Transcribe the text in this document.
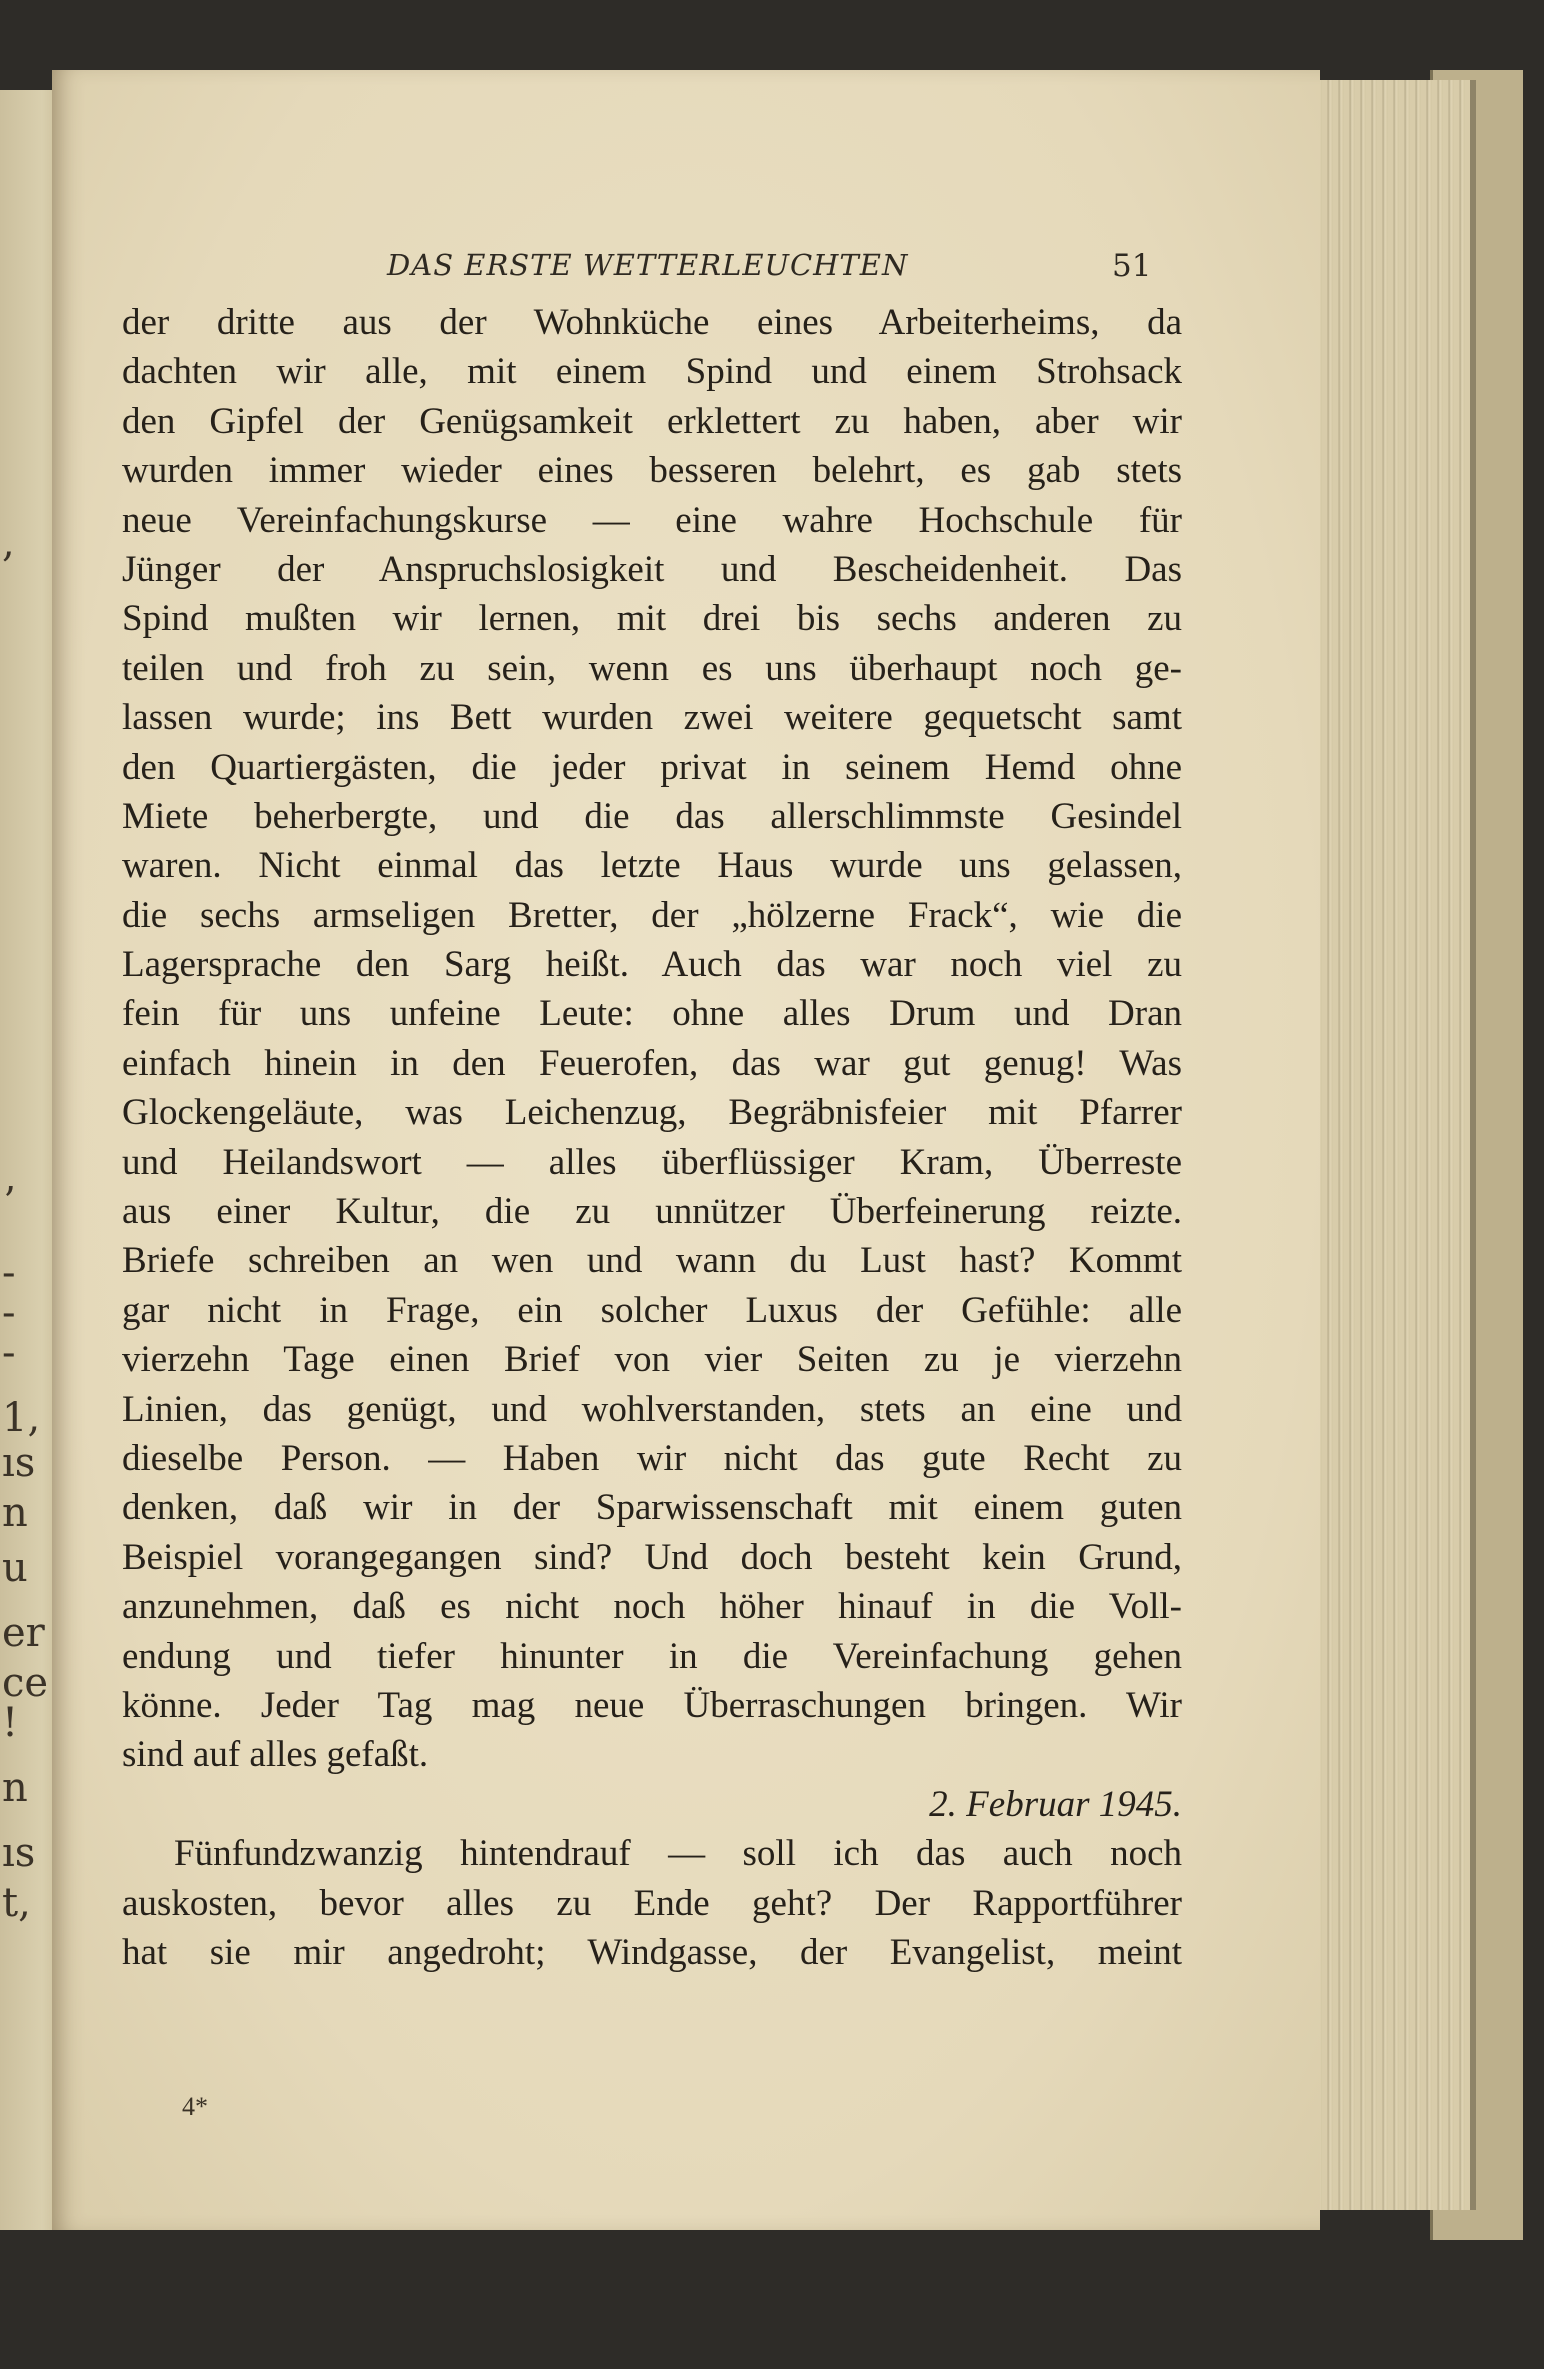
,
ʼ
-
-
-
1,
ıs
n
u
er
ce
!
n
ıs
t,
DAS ERSTE WETTERLEUCHTEN	51
der dritte aus der Wohnküche eines Arbeiterheims, da
dachten wir alle, mit einem Spind und einem Strohsack
den Gipfel der Genügsamkeit erklettert zu haben, aber wir
wurden immer wieder eines besseren belehrt, es gab stets
neue Vereinfachungskurse — eine wahre Hochschule für
Jünger der Anspruchslosigkeit und Bescheidenheit. Das
Spind mußten wir lernen, mit drei bis sechs anderen zu
teilen und froh zu sein, wenn es uns überhaupt noch ge-
lassen wurde; ins Bett wurden zwei weitere gequetscht samt
den Quartiergästen, die jeder privat in seinem Hemd ohne
Miete beherbergte, und die das allerschlimmste Gesindel
waren. Nicht einmal das letzte Haus wurde uns gelassen,
die sechs armseligen Bretter, der „hölzerne Frack“, wie die
Lagersprache den Sarg heißt. Auch das war noch viel zu
fein für uns unfeine Leute: ohne alles Drum und Dran
einfach hinein in den Feuerofen, das war gut genug! Was
Glockengeläute, was Leichenzug, Begräbnisfeier mit Pfarrer
und Heilandswort — alles überflüssiger Kram, Überreste
aus einer Kultur, die zu unnützer Überfeinerung reizte.
Briefe schreiben an wen und wann du Lust hast? Kommt
gar nicht in Frage, ein solcher Luxus der Gefühle: alle
vierzehn Tage einen Brief von vier Seiten zu je vierzehn
Linien, das genügt, und wohlverstanden, stets an eine und
dieselbe Person. — Haben wir nicht das gute Recht zu
denken, daß wir in der Sparwissenschaft mit einem guten
Beispiel vorangegangen sind? Und doch besteht kein Grund,
anzunehmen, daß es nicht noch höher hinauf in die Voll-
endung und tiefer hinunter in die Vereinfachung gehen
könne. Jeder Tag mag neue Überraschungen bringen. Wir
sind auf alles gefaßt.
2. Februar 1945.
Fünfundzwanzig hintendrauf — soll ich das auch noch
auskosten, bevor alles zu Ende geht? Der Rapportführer
hat sie mir angedroht; Windgasse, der Evangelist, meint
4*
